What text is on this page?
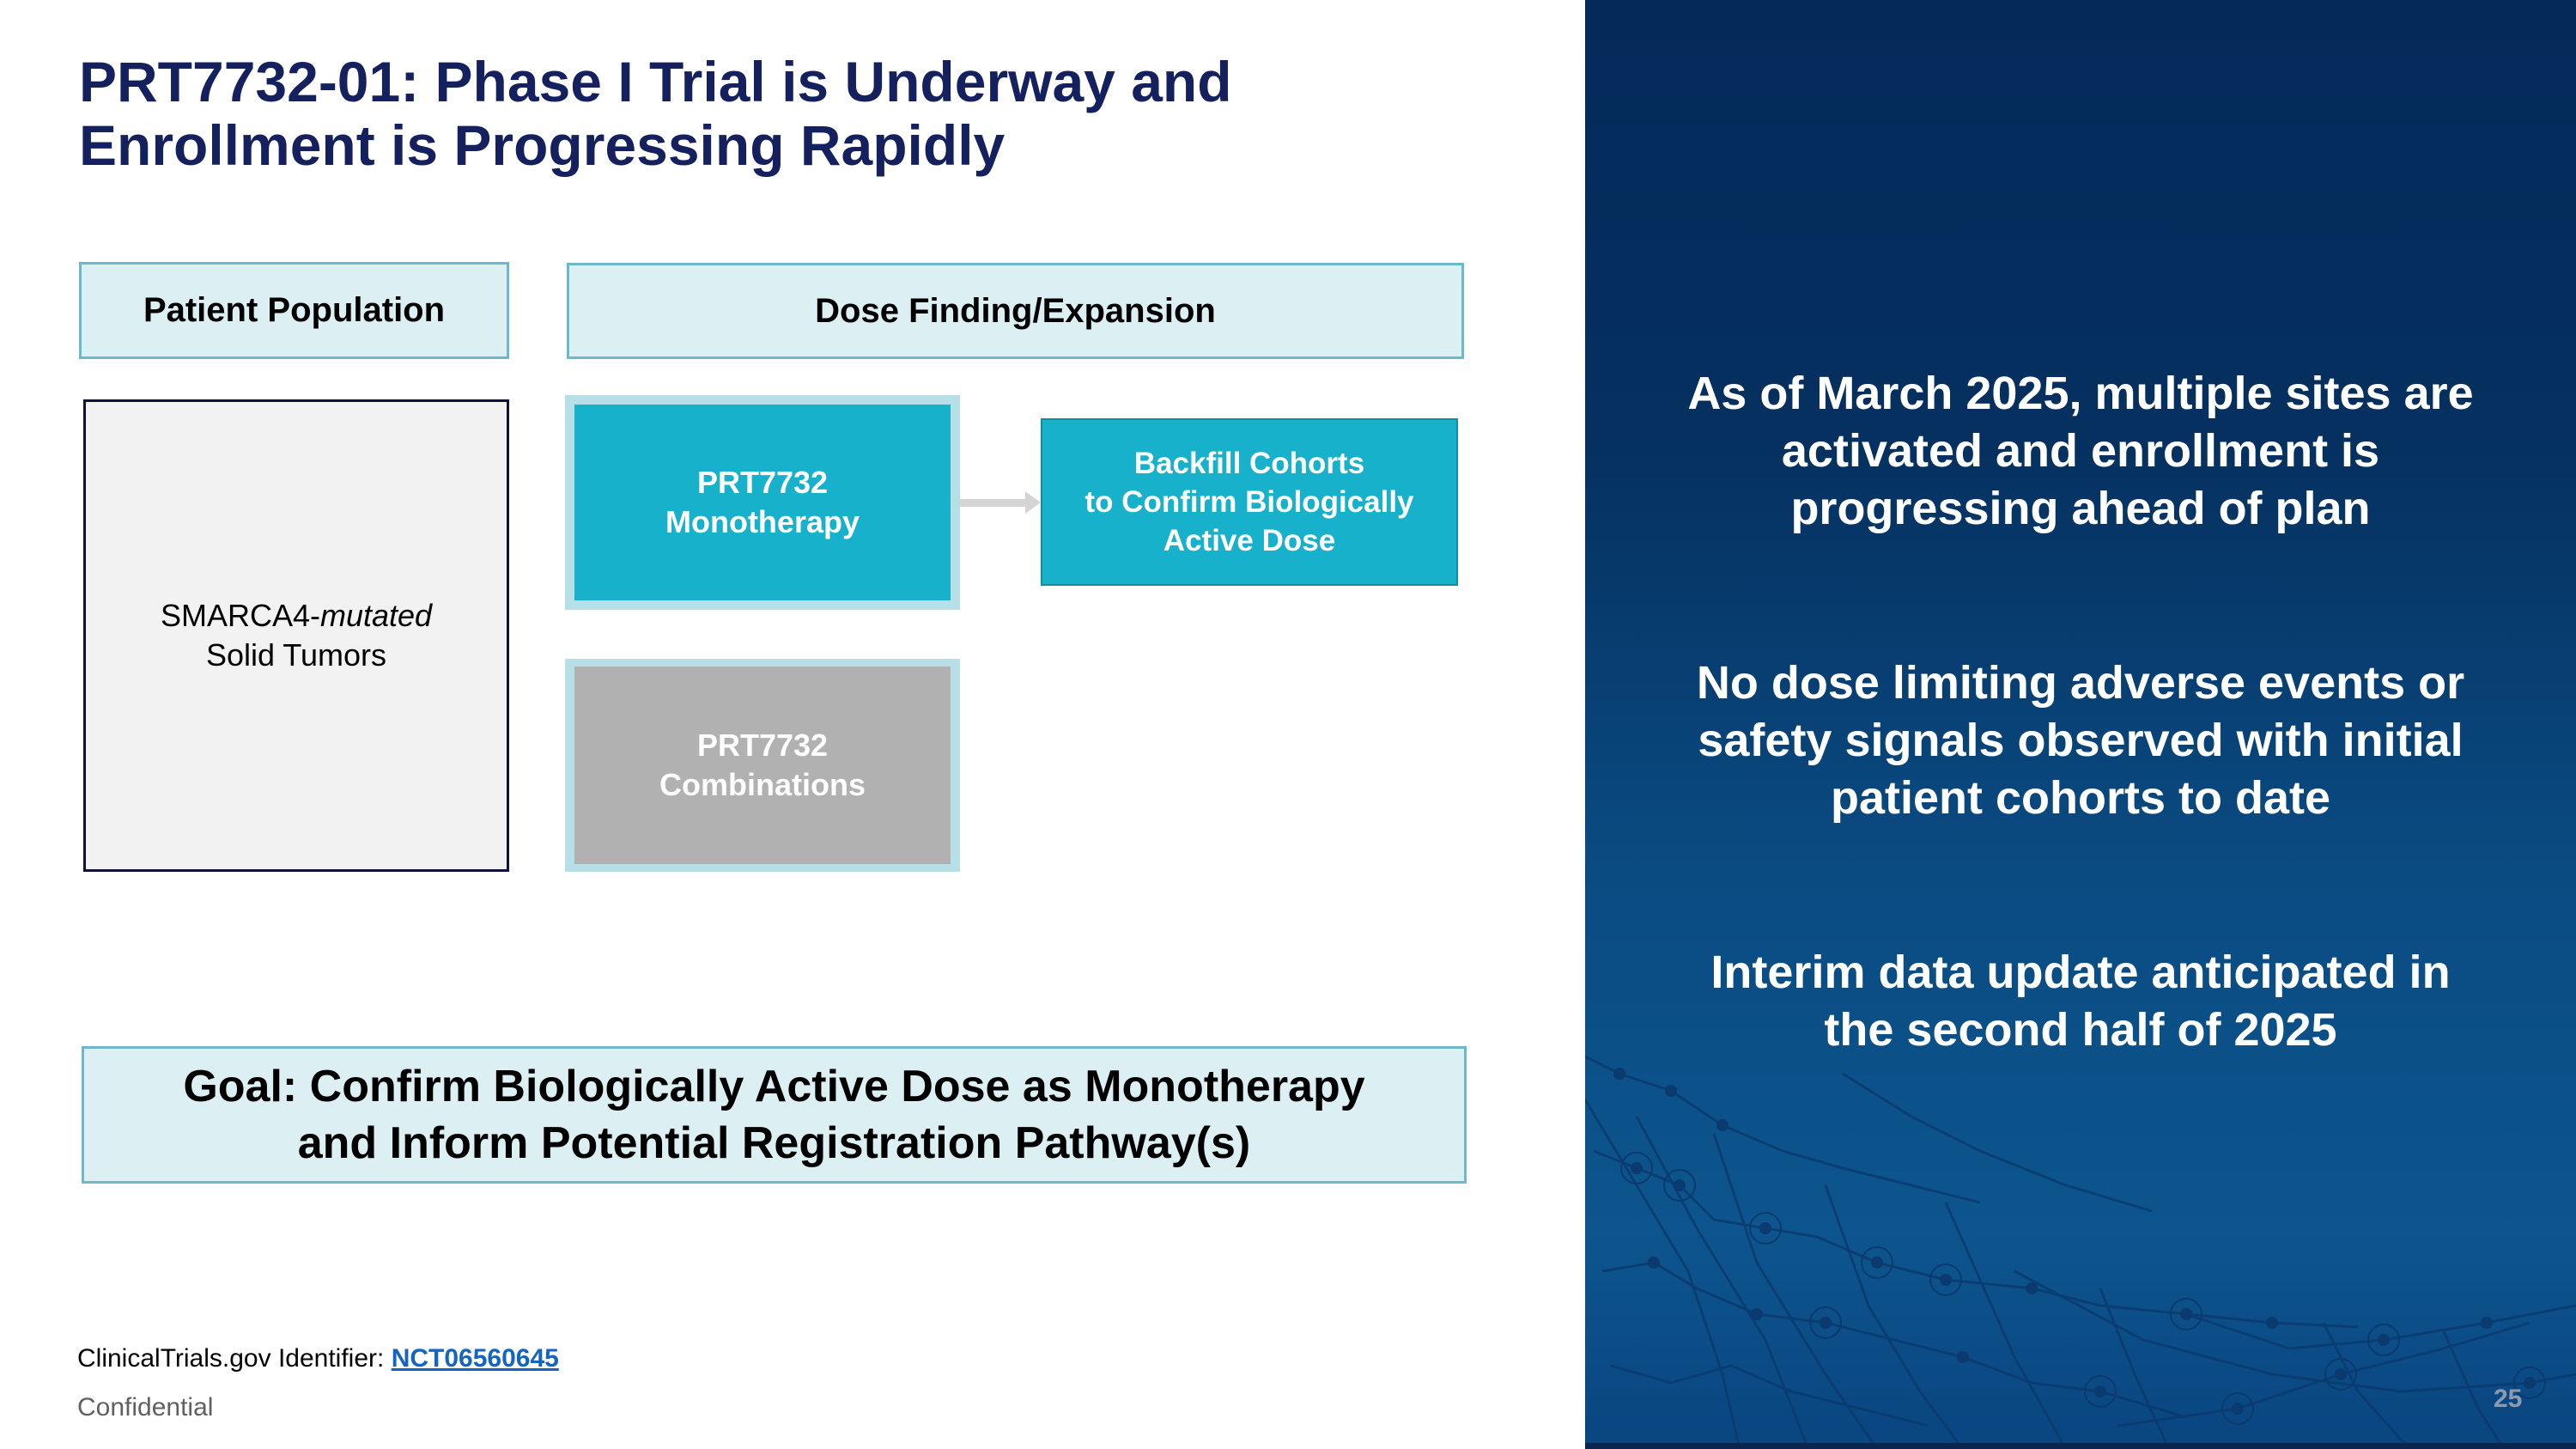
PRT7732-01: Phase I Trial is Underway and
Enrollment is Progressing Rapidly
Patient Population	Dose Finding/Expansion
SMARCA4-mutated
Solid Tumors
PRT7732
Monotherapy
Backfill Cohorts
to Confirm Biologically
Active Dose
PRT7732
Combinations
Goal: Confirm Biologically Active Dose as Monotherapy
and Inform Potential Registration Pathway(s)
ClinicalTrials.gov Identifier: NCT06560645
Confidential
As of March 2025, multiple sites are
activated and enrollment is
progressing ahead of plan
No dose limiting adverse events or
safety signals observed with initial
patient cohorts to date
Interim data update anticipated in
the second half of 2025
25
